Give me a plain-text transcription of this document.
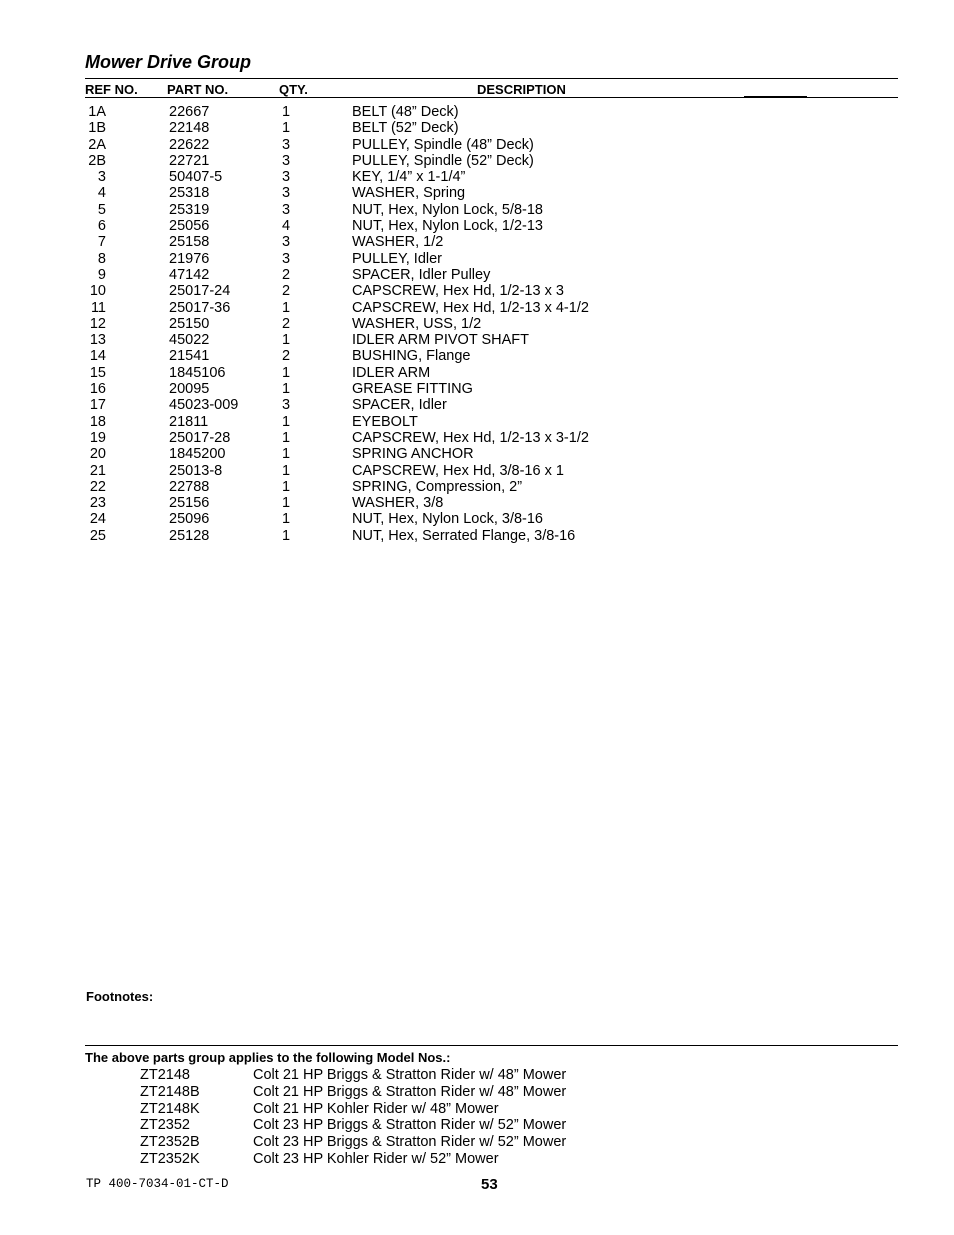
Mower Drive Group
REF NO. PART NO.	QTY.	DESCRIPTION
1A	22667	1	BELT (48” Deck)
1B	22148	1	BELT (52” Deck)
2A	22622	3	PULLEY, Spindle (48” Deck)
2B	22721	3	PULLEY, Spindle (52” Deck)
3	50407-5	3	KEY, 1/4” x 1-1/4”
4	25318	3	WASHER, Spring
5	25319	3	NUT, Hex, Nylon Lock, 5/8-18
6	25056	4	NUT, Hex, Nylon Lock, 1/2-13
7	25158	3	WASHER, 1/2
8	21976	3	PULLEY, Idler
9	47142	2	SPACER, Idler Pulley
10	25017-24	2	CAPSCREW, Hex Hd, 1/2-13 x 3
11	25017-36	1	CAPSCREW, Hex Hd, 1/2-13 x 4-1/2
12	25150	2	WASHER, USS, 1/2
13	45022	1	IDLER ARM PIVOT SHAFT
14	21541	2	BUSHING, Flange
15	1845106	1	IDLER ARM
16	20095	1	GREASE FITTING
17	45023-009	3	SPACER, Idler
18	21811	1	EYEBOLT
19	25017-28	1	CAPSCREW, Hex Hd, 1/2-13 x 3-1/2
20	1845200	1	SPRING ANCHOR
21	25013-8	1	CAPSCREW, Hex Hd, 3/8-16 x 1
22	22788	1	SPRING, Compression, 2”
23	25156	1	WASHER, 3/8
24	25096	1	NUT, Hex, Nylon Lock, 3/8-16
25	25128	1	NUT, Hex, Serrated Flange, 3/8-16
Footnotes:
The above parts group applies to the following Model Nos.:
ZT2148	Colt 21 HP Briggs & Stratton Rider w/ 48” Mower
ZT2148B	Colt 21 HP Briggs & Stratton Rider w/ 48” Mower
ZT2148K	Colt 21 HP Kohler Rider w/ 48” Mower
ZT2352	Colt 23 HP Briggs & Stratton Rider w/ 52” Mower
ZT2352B	Colt 23 HP Briggs & Stratton Rider w/ 52” Mower
ZT2352K	Colt 23 HP Kohler Rider w/ 52” Mower
TP 400-7034-01-CT-D	53
